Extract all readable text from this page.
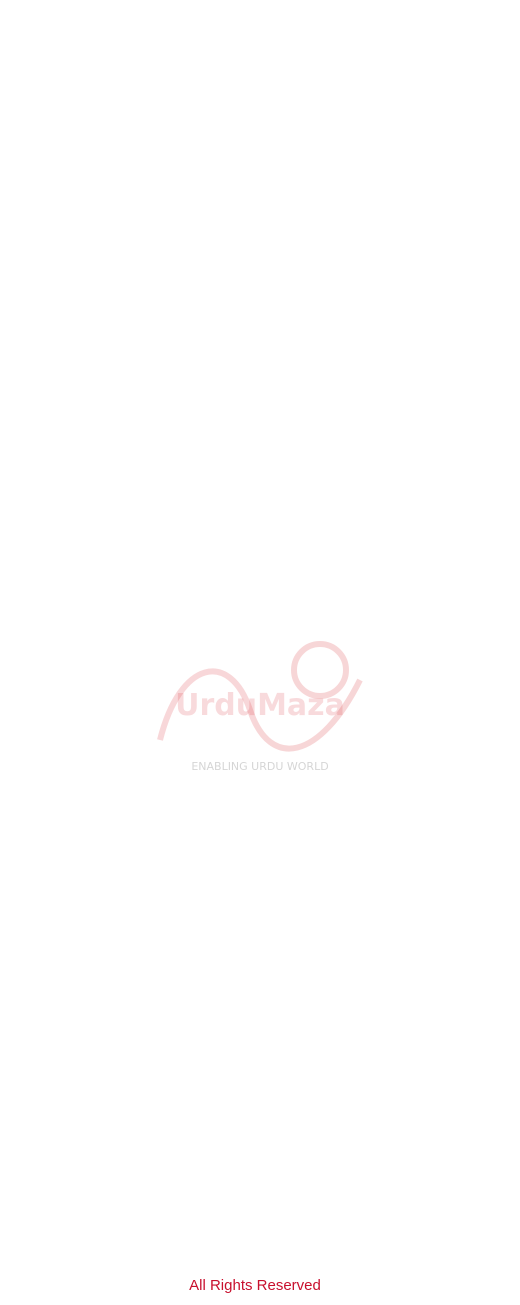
UrduMaza
ENABLING URDU WORLD
All Rights Reserved
